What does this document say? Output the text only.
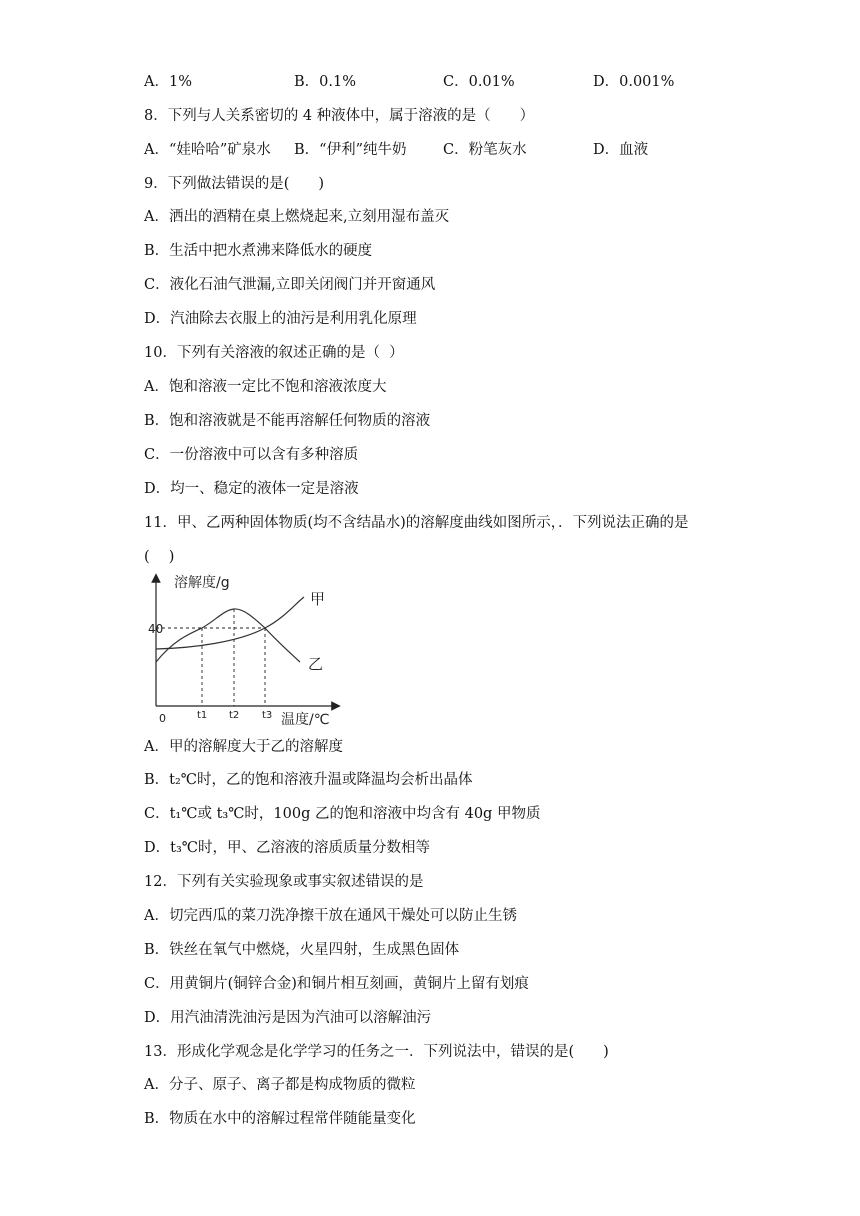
A．1%	B．0.1%	C．0.01%	D．0.001%
8．下列与人关系密切的 4 种液体中，属于溶液的是（　　）
A．“娃哈哈”矿泉水 B．“伊利”纯牛奶	C．粉笔灰水	D．血液
9．下列做法错误的是(　　)
A．洒出的酒精在桌上燃烧起来,立刻用湿布盖灭
B．生活中把水煮沸来降低水的硬度
C．液化石油气泄漏,立即关闭阀门并开窗通风
D．汽油除去衣服上的油污是利用乳化原理
10．下列有关溶液的叙述正确的是（  ）
A．饱和溶液一定比不饱和溶液浓度大
B．饱和溶液就是不能再溶解任何物质的溶液
C．一份溶液中可以含有多种溶质
D．均一、稳定的液体一定是溶液
11．甲、乙两种固体物质(均不含结晶水)的溶解度曲线如图所示，．下列说法正确的是
(　 )
溶解度/g
温度/℃
0
40
t1 t2 t3
甲
乙
A．甲的溶解度大于乙的溶解度
B．t₂℃时，乙的饱和溶液升温或降温均会析出晶体
C．t₁℃或 t₃℃时，100g 乙的饱和溶液中均含有 40g 甲物质
D．t₃℃时，甲、乙溶液的溶质质量分数相等
12．下列有关实验现象或事实叙述错误的是
A．切完西瓜的菜刀洗净擦干放在通风干燥处可以防止生锈
B．铁丝在氧气中燃烧，火星四射，生成黑色固体
C．用黄铜片(铜锌合金)和铜片相互刻画，黄铜片上留有划痕
D．用汽油清洗油污是因为汽油可以溶解油污
13．形成化学观念是化学学习的任务之一．下列说法中，错误的是(　　)
A．分子、原子、离子都是构成物质的微粒
B．物质在水中的溶解过程常伴随能量变化
